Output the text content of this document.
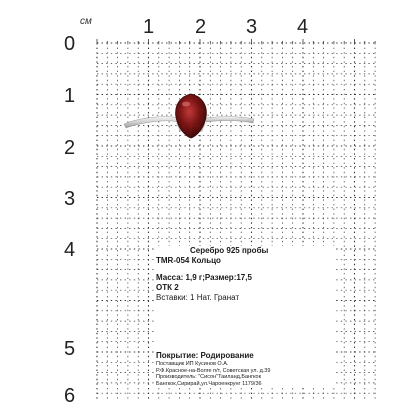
см	1 2 3 4
0
1
2
3
4
5
6
Серебро 925 пробы
TMR-054 Кольцо
Масса: 1,9 г;Размер:17,5
ОТК 2
Вставки: 1 Нат. Гранат
Покрытие: Родирование
Поставщик ИП Кусинов О.А.
Р.Ф.Красное-на-Волге п/т, Советская ул. д.39
Производитель: "Сисон"Таиланд,Бангкок
Бангкок,Сирирай,ул.Чароенкрунг 1179/36
